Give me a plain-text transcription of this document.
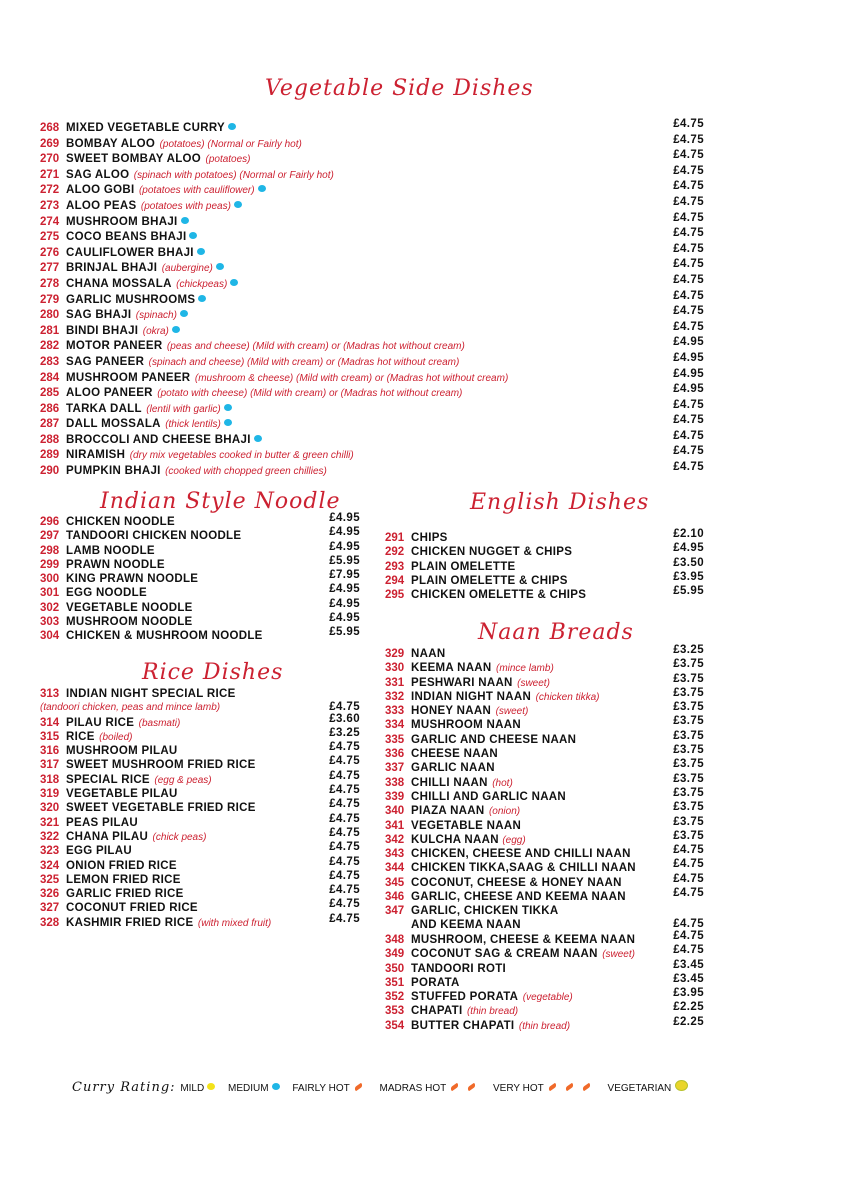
Vegetable Side Dishes
268 MIXED VEGETABLE CURRY	£4.75
269 BOMBAY ALOO (potatoes) (Normal or Fairly hot)	£4.75
270 SWEET BOMBAY ALOO (potatoes)	£4.75
271 SAG ALOO (spinach with potatoes) (Normal or Fairly hot)	£4.75
272 ALOO GOBI (potatoes with cauliflower)	£4.75
273 ALOO PEAS (potatoes with peas)	£4.75
274 MUSHROOM BHAJI	£4.75
275 COCO BEANS BHAJI	£4.75
276 CAULIFLOWER BHAJI	£4.75
277 BRINJAL BHAJI (aubergine)	£4.75
278 CHANA MOSSALA (chickpeas)	£4.75
279 GARLIC MUSHROOMS	£4.75
280 SAG BHAJI (spinach)	£4.75
281 BINDI BHAJI (okra)	£4.75
282 MOTOR PANEER (peas and cheese) (Mild with cream) or (Madras hot without cream)	£4.95
283 SAG PANEER (spinach and cheese) (Mild with cream) or (Madras hot without cream)	£4.95
284 MUSHROOM PANEER (mushroom & cheese) (Mild with cream) or (Madras hot without cream)	£4.95
285 ALOO PANEER (potato with cheese) (Mild with cream) or (Madras hot without cream)	£4.95
286 TARKA DALL (lentil with garlic)	£4.75
287 DALL MOSSALA (thick lentils)	£4.75
288 BROCCOLI AND CHEESE BHAJI	£4.75
289 NIRAMISH (dry mix vegetables cooked in butter & green chilli)	£4.75
290 PUMPKIN BHAJI (cooked with chopped green chillies)	£4.75
Indian Style Noodle
296 CHICKEN NOODLE	£4.95
297 TANDOORI CHICKEN NOODLE	£4.95
298 LAMB NOODLE	£4.95
299 PRAWN NOODLE	£5.95
300 KING PRAWN NOODLE	£7.95
301 EGG NOODLE	£4.95
302 VEGETABLE NOODLE	£4.95
303 MUSHROOM NOODLE	£4.95
304 CHICKEN & MUSHROOM NOODLE	£5.95
Rice Dishes
313 INDIAN NIGHT SPECIAL RICE
(tandoori chicken, peas and mince lamb)	£4.75
314 PILAU RICE (basmati)	£3.60
315 RICE (boiled)	£3.25
316 MUSHROOM PILAU	£4.75
317 SWEET MUSHROOM FRIED RICE	£4.75
318 SPECIAL RICE (egg & peas)	£4.75
319 VEGETABLE PILAU	£4.75
320 SWEET VEGETABLE FRIED RICE	£4.75
321 PEAS PILAU	£4.75
322 CHANA PILAU (chick peas)	£4.75
323 EGG PILAU	£4.75
324 ONION FRIED RICE	£4.75
325 LEMON FRIED RICE	£4.75
326 GARLIC FRIED RICE	£4.75
327 COCONUT FRIED RICE	£4.75
328 KASHMIR FRIED RICE (with mixed fruit)	£4.75
English Dishes
291 CHIPS	£2.10
292 CHICKEN NUGGET & CHIPS	£4.95
293 PLAIN OMELETTE	£3.50
294 PLAIN OMELETTE & CHIPS	£3.95
295 CHICKEN OMELETTE & CHIPS	£5.95
Naan Breads
329 NAAN	£3.25
330 KEEMA NAAN (mince lamb)	£3.75
331 PESHWARI NAAN (sweet)	£3.75
332 INDIAN NIGHT NAAN (chicken tikka)	£3.75
333 HONEY NAAN (sweet)	£3.75
334 MUSHROOM NAAN	£3.75
335 GARLIC AND CHEESE NAAN	£3.75
336 CHEESE NAAN	£3.75
337 GARLIC NAAN	£3.75
338 CHILLI NAAN (hot)	£3.75
339 CHILLI AND GARLIC NAAN	£3.75
340 PIAZA NAAN (onion)	£3.75
341 VEGETABLE NAAN	£3.75
342 KULCHA NAAN (egg)	£3.75
343 CHICKEN, CHEESE AND CHILLI NAAN	£4.75
344 CHICKEN TIKKA,SAAG & CHILLI NAAN	£4.75
345 COCONUT, CHEESE & HONEY NAAN	£4.75
346 GARLIC, CHEESE AND KEEMA NAAN	£4.75
347 GARLIC, CHICKEN TIKKA
AND KEEMA NAAN	£4.75
348 MUSHROOM, CHEESE & KEEMA NAAN	£4.75
349 COCONUT SAG & CREAM NAAN (sweet)	£4.75
350 TANDOORI ROTI	£3.45
351 PORATA	£3.45
352 STUFFED PORATA (vegetable)	£3.95
353 CHAPATI (thin bread)	£2.25
354 BUTTER CHAPATI (thin bread)	£2.25
Curry Rating: MILD MEDIUM FAIRLY HOT	MADRAS HOT	VERY HOT	VEGETARIAN
